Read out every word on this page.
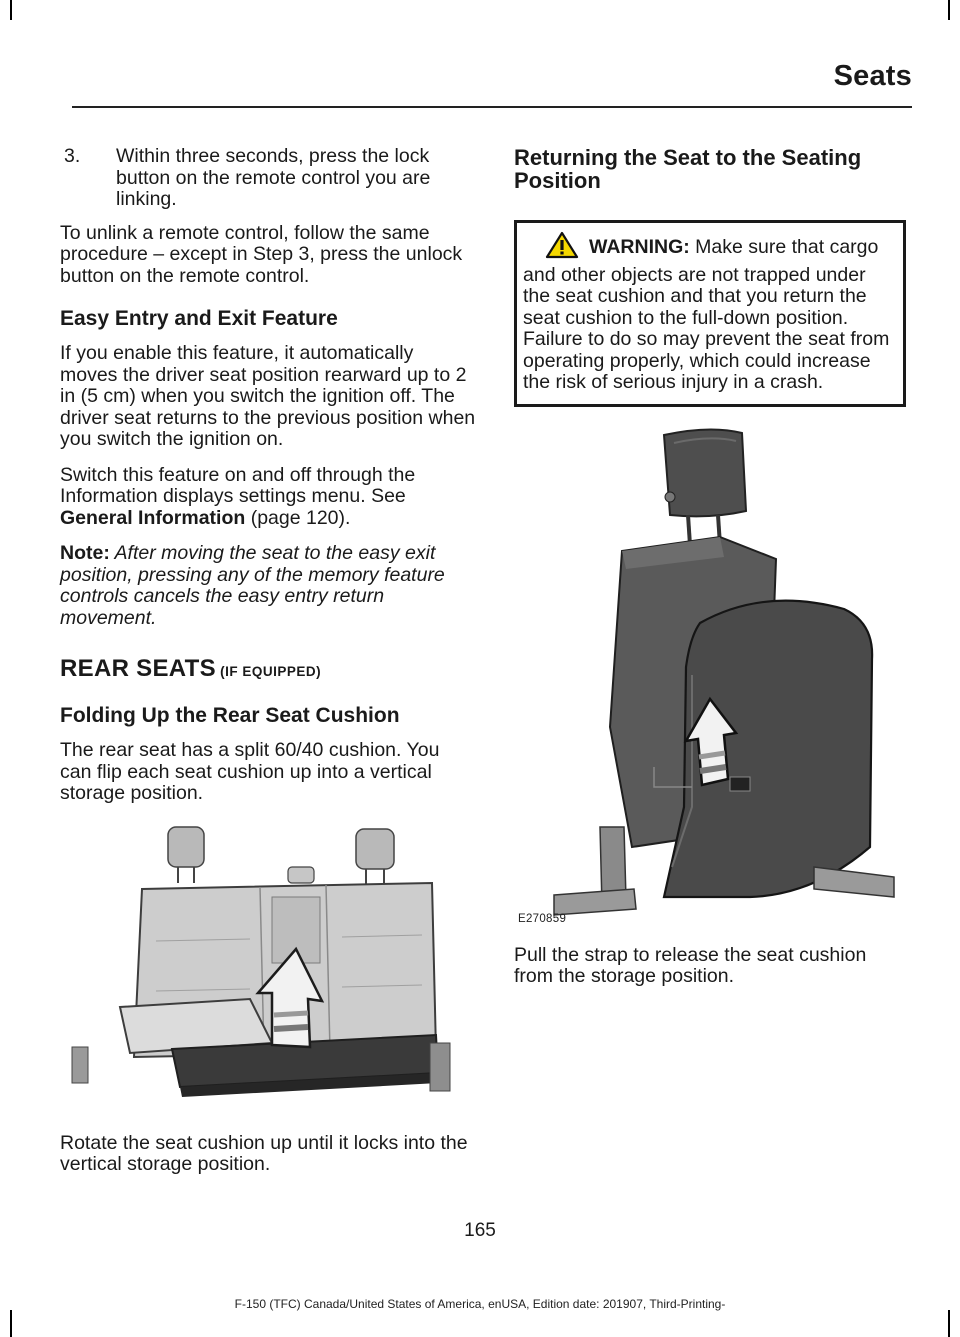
Seats
3.	Within three seconds, press the lock button on the remote control you are linking.

To unlink a remote control, follow the same procedure – except in Step 3, press the unlock button on the remote control.

Easy Entry and Exit Feature

If you enable this feature, it automatically moves the driver seat position rearward up to 2 in (5 cm) when you switch the ignition off. The driver seat returns to the previous position when you switch the ignition on.

Switch this feature on and off through the Information displays settings menu. See General Information (page 120).

Note: After moving the seat to the easy exit position, pressing any of the memory feature controls cancels the easy entry return movement.

REAR SEATS (IF EQUIPPED)
Folding Up the Rear Seat Cushion

The rear seat has a split 60/40 cushion. You can flip each seat cushion up into a vertical storage position.

Rotate the seat cushion up until it locks into the vertical storage position.

Returning the Seat to the Seating Position

WARNING: Make sure that cargo and other objects are not trapped under the seat cushion and that you return the seat cushion to the full-down position. Failure to do so may prevent the seat from operating properly, which could increase the risk of serious injury in a crash.

E270859

Pull the strap to release the seat cushion from the storage position.

165
F-150 (TFC) Canada/United States of America, enUSA, Edition date: 201907, Third-Printing-
